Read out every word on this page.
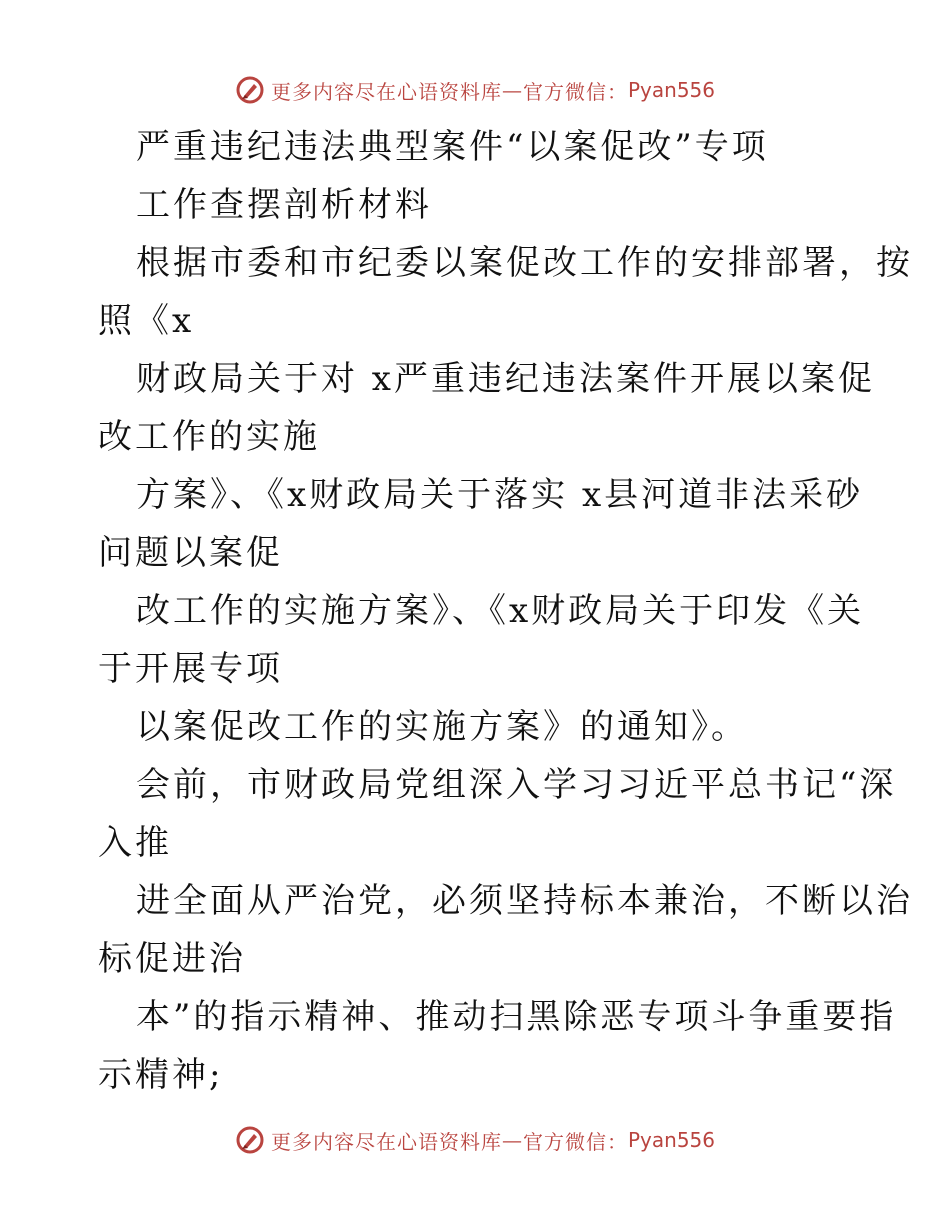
更多内容尽在心语资料库 — 官方微信： Pyan556
严重违纪违法典型案件“以案促改”专项
工作查摆剖析材料
根据市委和市纪委以案促改工作的安排部署，按
照《x
财政局关于对 x严重违纪违法案件开展以案促
改工作的实施
方案》、《x财政局关于落实 x县河道非法采砂
问题以案促
改工作的实施方案》、《x财政局关于印发《关
于开展专项
以案促改工作的实施方案》的通知》。
会前，市财政局党组深入学习习近平总书记“深
入推
进全面从严治党，必须坚持标本兼治，不断以治
标促进治
本”的指示精神、推动扫黑除恶专项斗争重要指
示精神;
更多内容尽在心语资料库 — 官方微信： Pyan556
